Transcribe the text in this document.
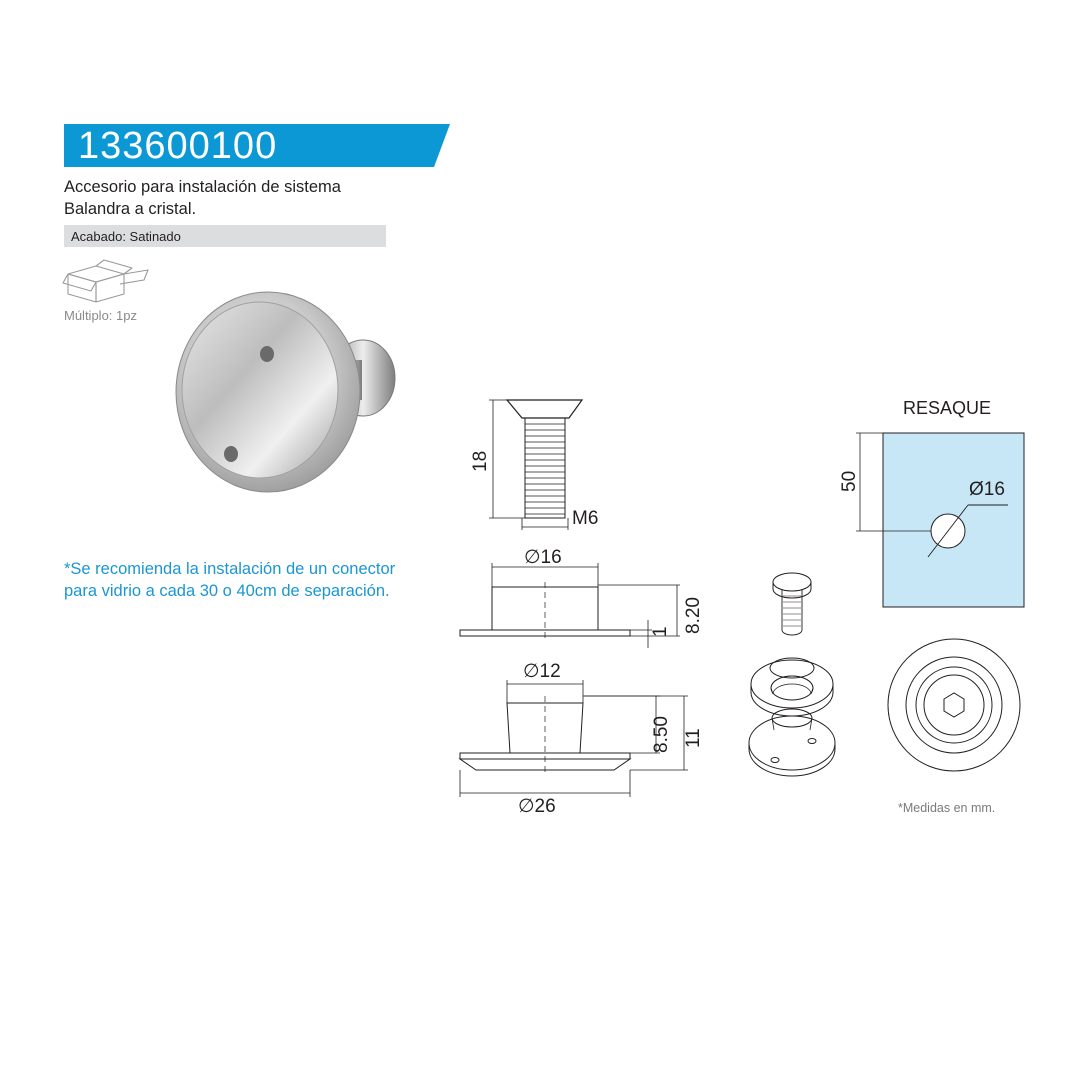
133600100
Accesorio para instalación de sistema
Balandra a cristal.
Acabado: Satinado
Múltiplo: 1pz
*Se recomienda la instalación de un conector
para vidrio a cada 30 o 40cm de separación.
18
M6
∅16
1 8.20
∅12
8.50 11
∅26
RESAQUE
50	Ø16
*Medidas en mm.
